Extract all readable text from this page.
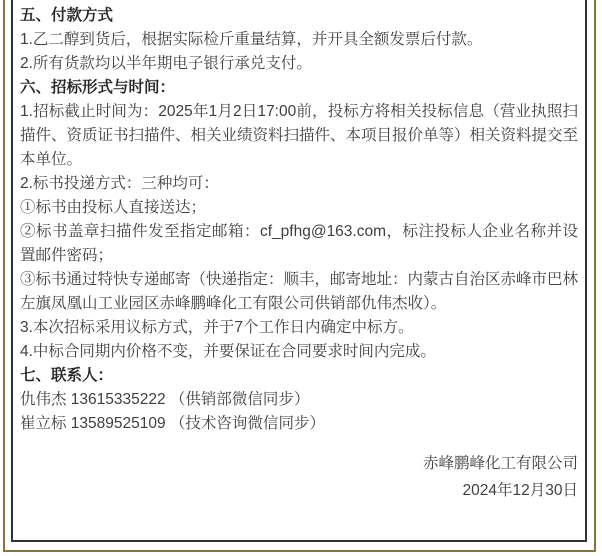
五、付款方式

1.乙二醇到货后，根据实际检斤重量结算，并开具全额发票后付款。

2.所有货款均以半年期电子银行承兑支付。

六、招标形式与时间：

1.招标截止时间为：2025年1月2日17:00前，投标方将相关投标信息（营业执照扫描件、资质证书扫描件、相关业绩资料扫描件、本项目报价单等）相关资料提交至本单位。

2.标书投递方式：三种均可：

①标书由投标人直接送达；

②标书盖章扫描件发至指定邮箱：cf_pfhg@163.com，标注投标人企业名称并设置邮件密码；

③标书通过特快专递邮寄（快递指定：顺丰，邮寄地址：内蒙古自治区赤峰市巴林左旗凤凰山工业园区赤峰鹏峰化工有限公司供销部仇伟杰收）。

3.本次招标采用议标方式，并于7个工作日内确定中标方。

4.中标合同期内价格不变，并要保证在合同要求时间内完成。

七、联系人：

仇伟杰 13615335222 （供销部微信同步）

崔立标 13589525109 （技术咨询微信同步）

赤峰鹏峰化工有限公司

2024年12月30日
